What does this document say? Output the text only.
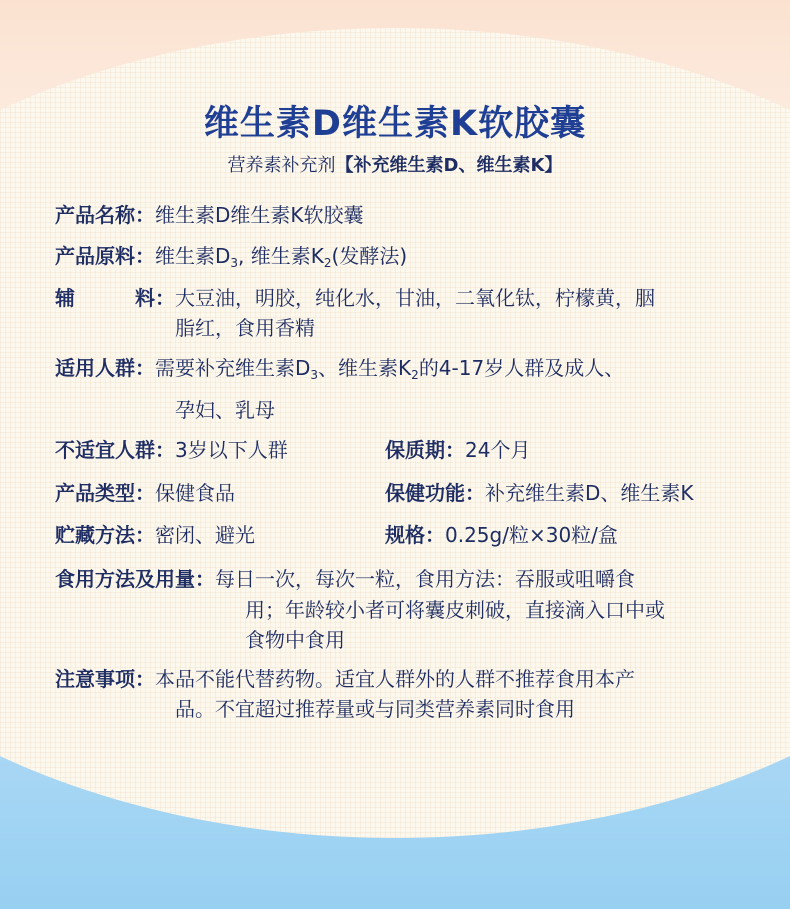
维生素D维生素K软胶囊
营养素补充剂【补充维生素D、维生素K】
产品名称：维生素D维生素K软胶囊
产品原料：维生素$D_3$, 维生素$K_2$(发酵法)
辅	料：大豆油，明胶，纯化水，甘油，二氧化钛，柠檬黄，胭
脂红，食用香精
适用人群：需要补充维生素$D_3$、维生素$K_2$的4-17岁人群及成人、
孕妇、乳母
不适宜人群：3岁以下人群	保质期：24个月
产品类型：保健食品	保健功能：补充维生素D、维生素K
贮藏方法：密闭、避光	规格：0.25g/粒×30粒/盒
食用方法及用量：每日一次，每次一粒，食用方法：吞服或咀嚼食
用；年龄较小者可将囊皮刺破，直接滴入口中或
食物中食用
注意事项：本品不能代替药物。适宜人群外的人群不推荐食用本产
品。不宜超过推荐量或与同类营养素同时食用
